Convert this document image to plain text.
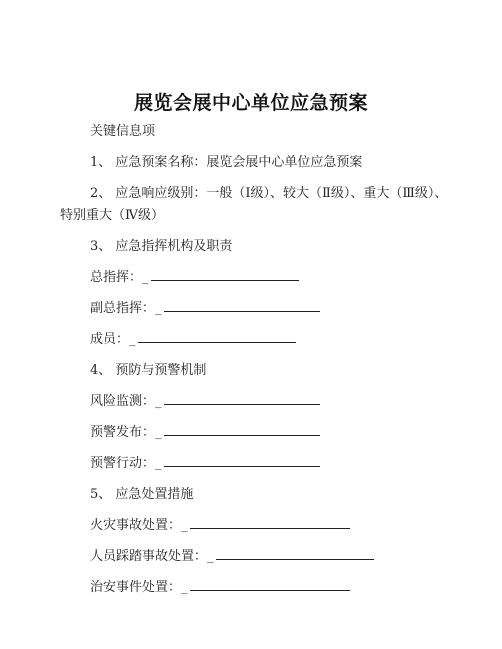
展览会展中心单位应急预案
关键信息项
1、 应急预案名称：展览会展中心单位应急预案
2、 应急响应级别：一般（Ⅰ级）、较大（Ⅱ级）、重大（Ⅲ级）、
特别重大（Ⅳ级）
3、 应急指挥机构及职责
总指挥：_
副总指挥：_
成员：_
4、 预防与预警机制
风险监测：_
预警发布：_
预警行动：_
5、 应急处置措施
火灾事故处置：_
人员踩踏事故处置：_
治安事件处置：_
